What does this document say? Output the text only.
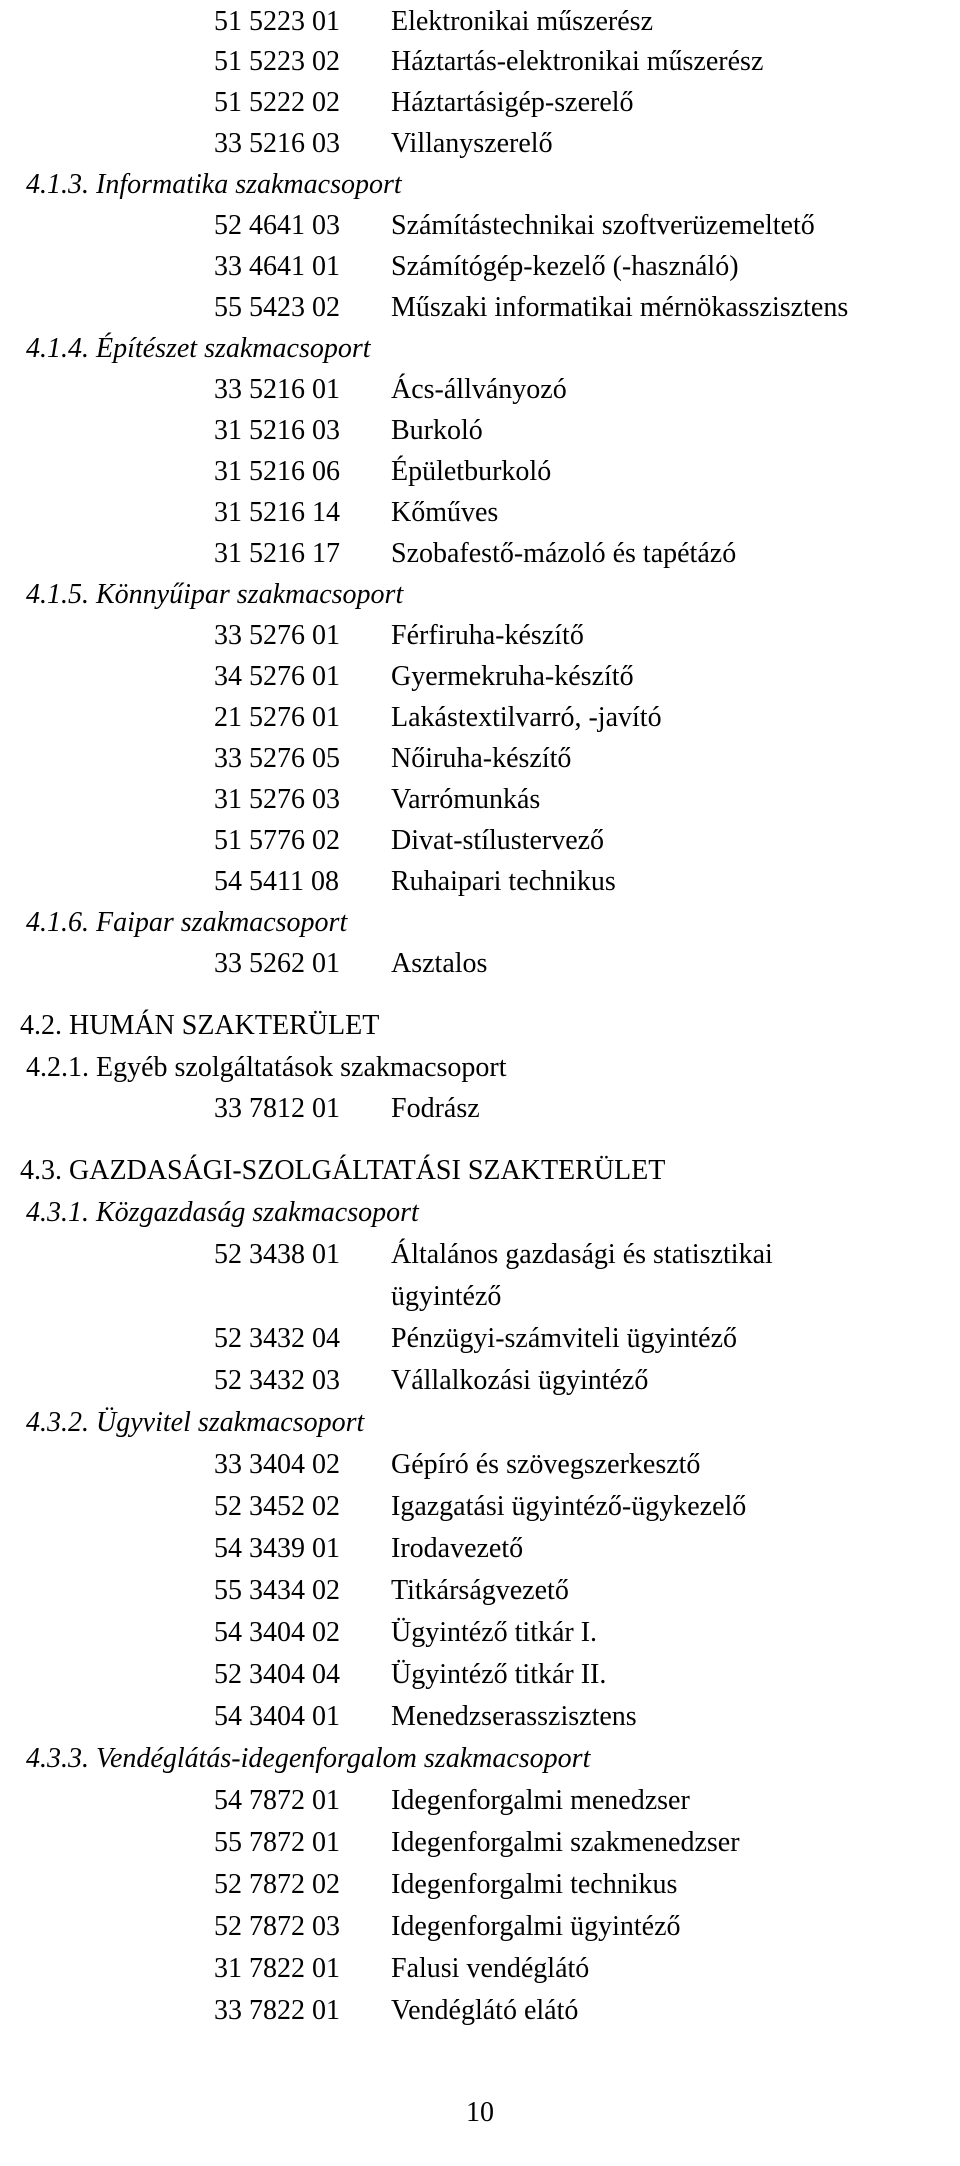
51 5223 01 Elektronikai műszerész
51 5223 02 Háztartás-elektronikai műszerész
51 5222 02 Háztartásigép-szerelő
33 5216 03 Villanyszerelő
4.1.3. Informatika szakmacsoport
52 4641 03 Számítástechnikai szoftverüzemeltető
33 4641 01 Számítógép-kezelő (-használó)
55 5423 02 Műszaki informatikai mérnökasszisztens
4.1.4. Építészet szakmacsoport
33 5216 01 Ács-állványozó
31 5216 03 Burkoló
31 5216 06 Épületburkoló
31 5216 14 Kőműves
31 5216 17 Szobafestő-mázoló és tapétázó
4.1.5. Könnyűipar szakmacsoport
33 5276 01 Férfiruha-készítő
34 5276 01 Gyermekruha-készítő
21 5276 01 Lakástextilvarró, -javító
33 5276 05 Nőiruha-készítő
31 5276 03 Varrómunkás
51 5776 02 Divat-stílustervező
54 5411 08 Ruhaipari technikus
4.1.6. Faipar szakmacsoport
33 5262 01 Asztalos
4.2. HUMÁN SZAKTERÜLET
4.2.1. Egyéb szolgáltatások szakmacsoport
33 7812 01 Fodrász
4.3. GAZDASÁGI-SZOLGÁLTATÁSI SZAKTERÜLET
4.3.1. Közgazdaság szakmacsoport
52 3438 01 Általános gazdasági és statisztikai
ügyintéző
52 3432 04 Pénzügyi-számviteli ügyintéző
52 3432 03 Vállalkozási ügyintéző
4.3.2. Ügyvitel szakmacsoport
33 3404 02 Gépíró és szövegszerkesztő
52 3452 02 Igazgatási ügyintéző-ügykezelő
54 3439 01 Irodavezető
55 3434 02 Titkárságvezető
54 3404 02 Ügyintéző titkár I.
52 3404 04 Ügyintéző titkár II.
54 3404 01 Menedzserasszisztens
4.3.3. Vendéglátás-idegenforgalom szakmacsoport
54 7872 01 Idegenforgalmi menedzser
55 7872 01 Idegenforgalmi szakmenedzser
52 7872 02 Idegenforgalmi technikus
52 7872 03 Idegenforgalmi ügyintéző
31 7822 01 Falusi vendéglátó
33 7822 01 Vendéglátó elátó
10
